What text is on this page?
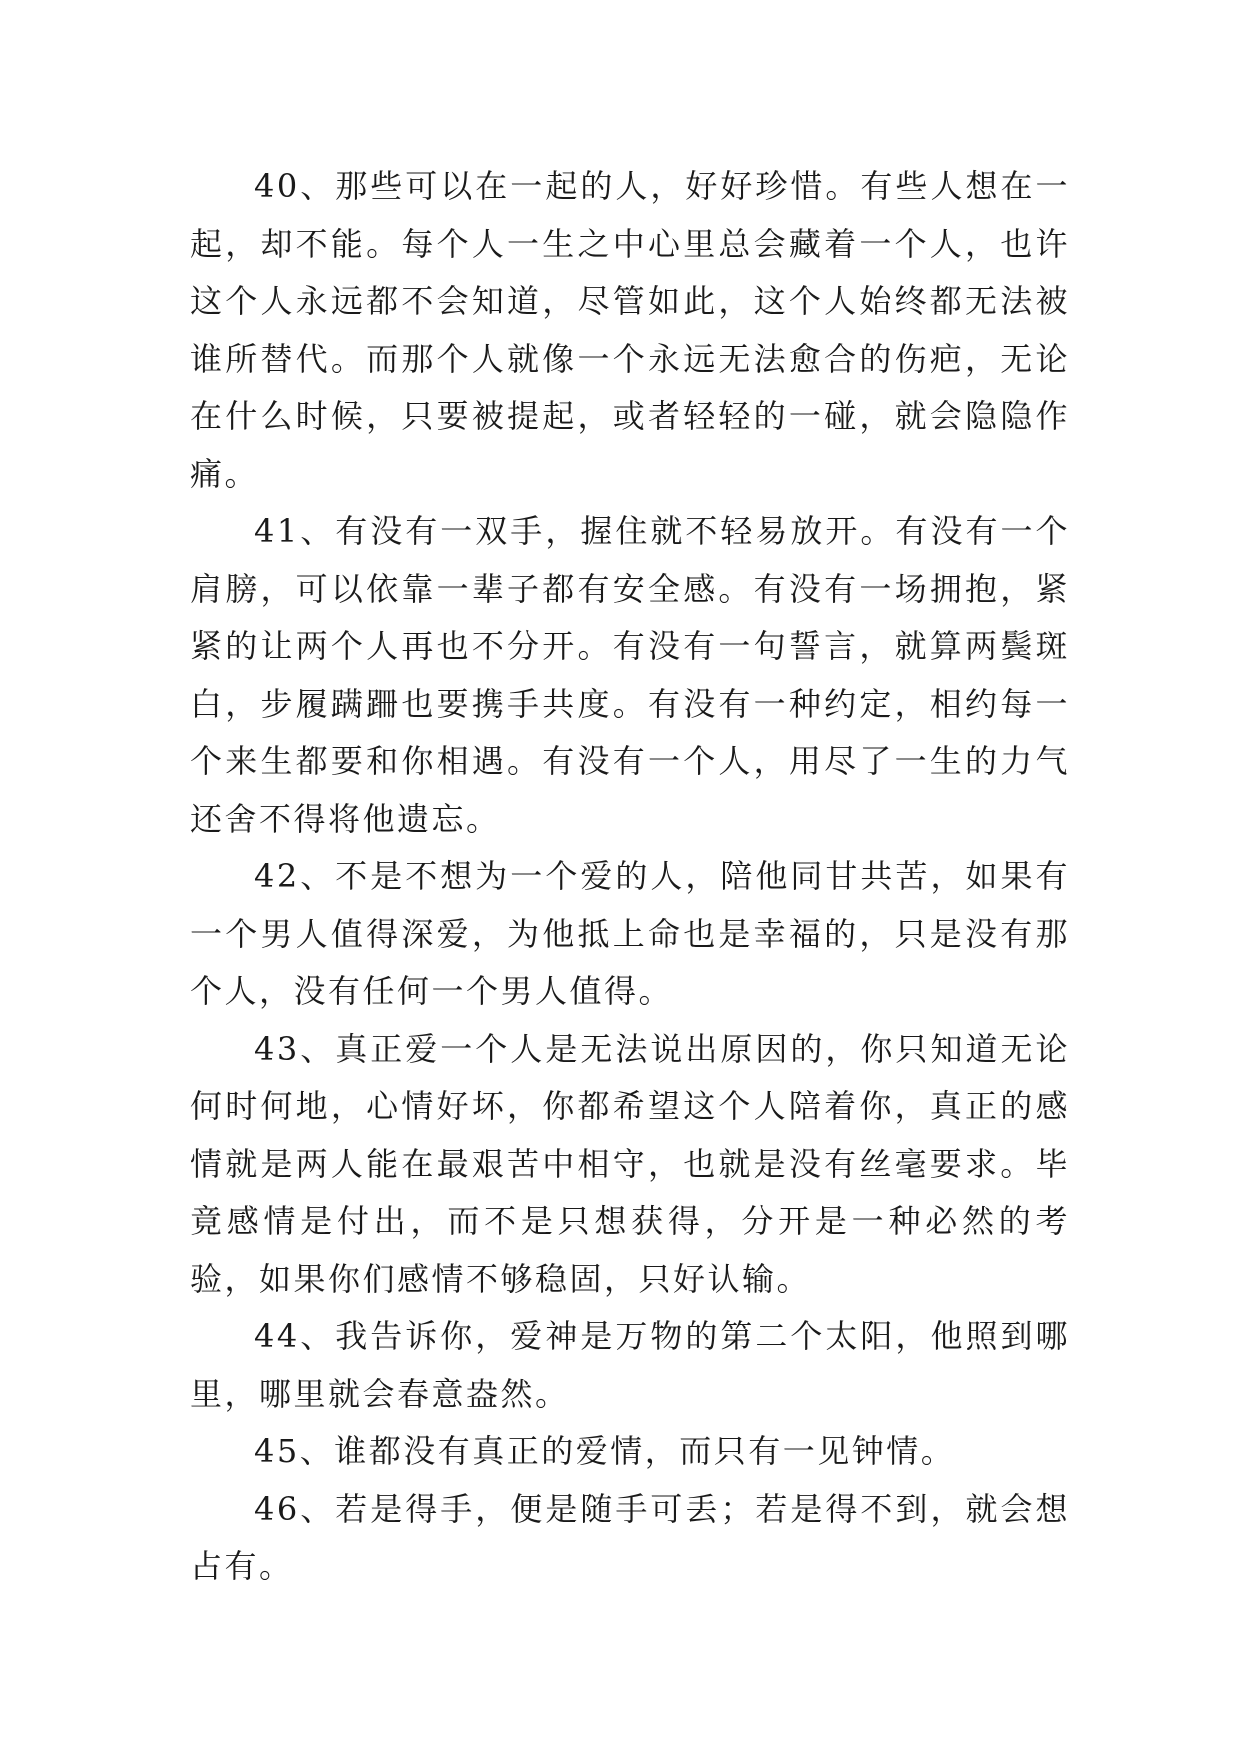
40、那些可以在一起的人，好好珍惜。有些人想在一起，却不能。每个人一生之中心里总会藏着一个人，也许这个人永远都不会知道，尽管如此，这个人始终都无法被谁所替代。而那个人就像一个永远无法愈合的伤疤，无论在什么时候，只要被提起，或者轻轻的一碰，就会隐隐作痛。

41、有没有一双手，握住就不轻易放开。有没有一个肩膀，可以依靠一辈子都有安全感。有没有一场拥抱，紧紧的让两个人再也不分开。有没有一句誓言，就算两鬓斑白，步履蹒跚也要携手共度。有没有一种约定，相约每一个来生都要和你相遇。有没有一个人，用尽了一生的力气还舍不得将他遗忘。

42、不是不想为一个爱的人，陪他同甘共苦，如果有一个男人值得深爱，为他抵上命也是幸福的，只是没有那个人，没有任何一个男人值得。

43、真正爱一个人是无法说出原因的，你只知道无论何时何地，心情好坏，你都希望这个人陪着你，真正的感情就是两人能在最艰苦中相守，也就是没有丝毫要求。毕竟感情是付出，而不是只想获得，分开是一种必然的考验，如果你们感情不够稳固，只好认输。

44、我告诉你，爱神是万物的第二个太阳，他照到哪里，哪里就会春意盎然。

45、谁都没有真正的爱情，而只有一见钟情。

46、若是得手，便是随手可丢；若是得不到，就会想占有。
